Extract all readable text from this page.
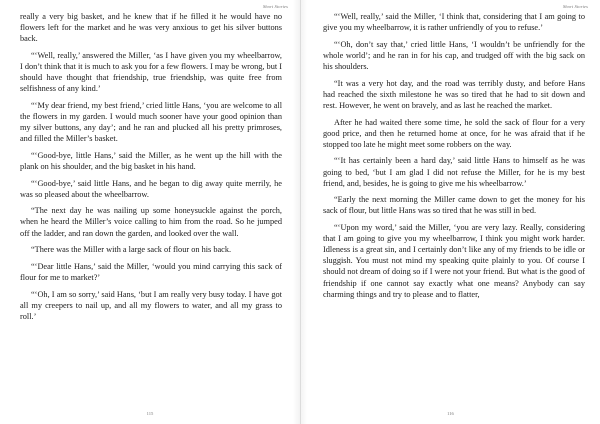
Short Stories

really a very big basket, and he knew that if he filled it he would have no flowers left for the market and he was very anxious to get his silver buttons back.

“‘Well, really,’ answered the Miller, ‘as I have given you my wheelbarrow, I don’t think that it is much to ask you for a few flowers. I may be wrong, but I should have thought that friendship, true friendship, was quite free from selfishness of any kind.’

“‘My dear friend, my best friend,’ cried little Hans, ‘you are welcome to all the flowers in my garden. I would much sooner have your good opinion than my silver buttons, any day’; and he ran and plucked all his pretty primroses, and filled the Miller’s basket.

“‘Good-bye, little Hans,’ said the Miller, as he went up the hill with the plank on his shoulder, and the big basket in his hand.

“‘Good-bye,’ said little Hans, and he began to dig away quite merrily, he was so pleased about the wheelbarrow.

“The next day he was nailing up some honeysuckle against the porch, when he heard the Miller’s voice calling to him from the road. So he jumped off the ladder, and ran down the garden, and looked over the wall.

“There was the Miller with a large sack of flour on his back.

“‘Dear little Hans,’ said the Miller, ‘would you mind carrying this sack of flour for me to market?’

“‘Oh, I am so sorry,’ said Hans, ‘but I am really very busy today. I have got all my creepers to nail up, and all my flowers to water, and all my grass to roll.’

115
Short Stories

“‘Well, really,’ said the Miller, ‘I think that, considering that I am going to give you my wheelbarrow, it is rather unfriendly of you to refuse.’

“‘Oh, don’t say that,’ cried little Hans, ‘I wouldn’t be unfriendly for the whole world’; and he ran in for his cap, and trudged off with the big sack on his shoulders.

“It was a very hot day, and the road was terribly dusty, and before Hans had reached the sixth milestone he was so tired that he had to sit down and rest. However, he went on bravely, and as last he reached the market.

After he had waited there some time, he sold the sack of flour for a very good price, and then he returned home at once, for he was afraid that if he stopped too late he might meet some robbers on the way.

“‘It has certainly been a hard day,’ said little Hans to himself as he was going to bed, ‘but I am glad I did not refuse the Miller, for he is my best friend, and, besides, he is going to give me his wheelbarrow.’

“Early the next morning the Miller came down to get the money for his sack of flour, but little Hans was so tired that he was still in bed.

“‘Upon my word,’ said the Miller, ‘you are very lazy. Really, considering that I am going to give you my wheelbarrow, I think you might work harder. Idleness is a great sin, and I certainly don’t like any of my friends to be idle or sluggish. You must not mind my speaking quite plainly to you. Of course I should not dream of doing so if I were not your friend. But what is the good of friendship if one cannot say exactly what one means? Anybody can say charming things and try to please and to flatter,

116
